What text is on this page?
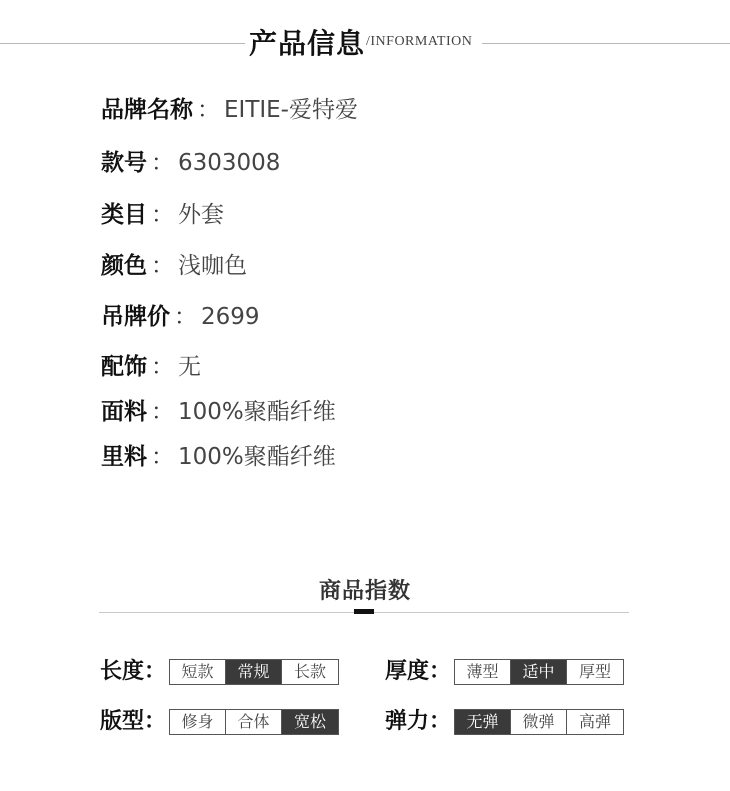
产品信息 /INFORMATION
品牌名称 ： EITIE-爱特爱
款号 ： 6303008
类目 ： 外套
颜色 ： 浅咖色
吊牌价 ： 2699
配饰 ： 无
面料 ： 100%聚酯纤维
里料 ： 100%聚酯纤维
商品指数
长度： 短款	常规	长款	厚度： 薄型	适中	厚型
版型： 修身	合体	宽松	弹力： 无弹	微弹	高弹
